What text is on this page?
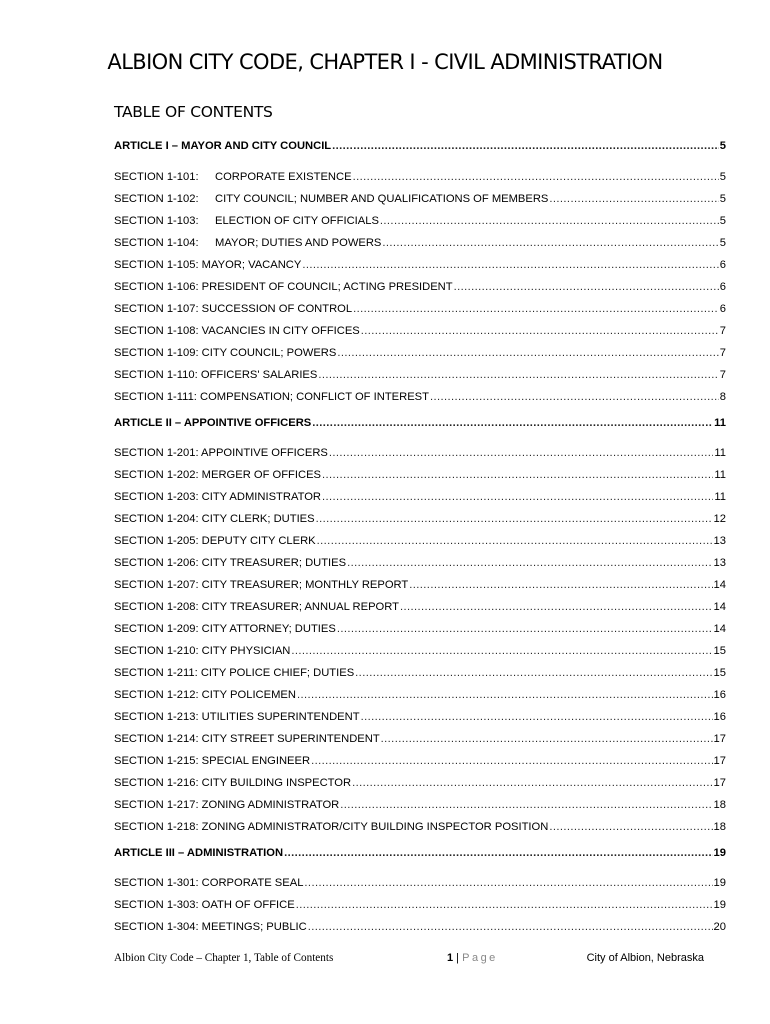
ALBION CITY CODE, CHAPTER I - CIVIL ADMINISTRATION
TABLE OF CONTENTS
ARTICLE I – MAYOR AND CITY COUNCIL .....	5
SECTION 1-101: CORPORATE EXISTENCE .....	5
SECTION 1-102: CITY COUNCIL; NUMBER AND QUALIFICATIONS OF MEMBERS .....	5
SECTION 1-103: ELECTION OF CITY OFFICIALS .....	5
SECTION 1-104: MAYOR; DUTIES AND POWERS .....	5
SECTION 1-105: MAYOR; VACANCY .....	6
SECTION 1-106: PRESIDENT OF COUNCIL; ACTING PRESIDENT .....	6
SECTION 1-107: SUCCESSION OF CONTROL .....	6
SECTION 1-108: VACANCIES IN CITY OFFICES .....	7
SECTION 1-109: CITY COUNCIL; POWERS .....	7
SECTION 1-110: OFFICERS' SALARIES .....	7
SECTION 1-111: COMPENSATION; CONFLICT OF INTEREST .....	8
ARTICLE II – APPOINTIVE OFFICERS .....	11
SECTION 1-201: APPOINTIVE OFFICERS .....	11
SECTION 1-202: MERGER OF OFFICES .....	11
SECTION 1-203: CITY ADMINISTRATOR .....	11
SECTION 1-204: CITY CLERK; DUTIES .....	12
SECTION 1-205: DEPUTY CITY CLERK .....	13
SECTION 1-206: CITY TREASURER; DUTIES .....	13
SECTION 1-207: CITY TREASURER; MONTHLY REPORT .....	14
SECTION 1-208: CITY TREASURER; ANNUAL REPORT .....	14
SECTION 1-209: CITY ATTORNEY; DUTIES .....	14
SECTION 1-210: CITY PHYSICIAN .....	15
SECTION 1-211: CITY POLICE CHIEF; DUTIES .....	15
SECTION 1-212: CITY POLICEMEN .....	16
SECTION 1-213: UTILITIES SUPERINTENDENT .....	16
SECTION 1-214: CITY STREET SUPERINTENDENT .....	17
SECTION 1-215: SPECIAL ENGINEER .....	17
SECTION 1-216: CITY BUILDING INSPECTOR .....	17
SECTION 1-217: ZONING ADMINISTRATOR .....	18
SECTION 1-218: ZONING ADMINISTRATOR/CITY BUILDING INSPECTOR POSITION .....	18
ARTICLE III – ADMINISTRATION .....	19
SECTION 1-301: CORPORATE SEAL .....	19
SECTION 1-303: OATH OF OFFICE .....	19
SECTION 1-304: MEETINGS; PUBLIC .....	20
Albion City Code – Chapter 1, Table of Contents	1 | Page	City of Albion, Nebraska
